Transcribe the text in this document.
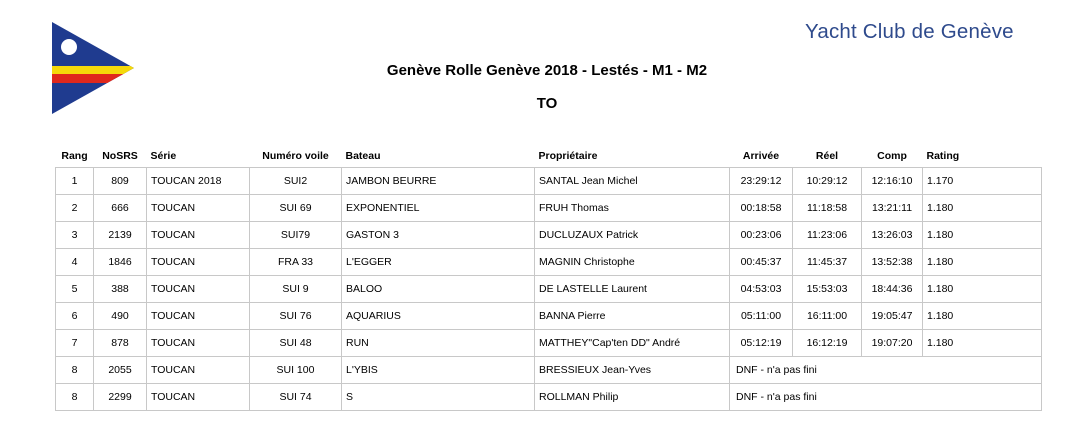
Yacht Club de Genève
Genève Rolle Genève 2018 - Lestés - M1 - M2
TO
Rang	NoSRS	Série	Numéro voile	Bateau	Propriétaire	Arrivée	Réel	Comp	Rating
1	809	TOUCAN 2018	SUI2	JAMBON BEURRE	SANTAL Jean Michel	23:29:12	10:29:12	12:16:10	1.170
2	666	TOUCAN	SUI 69	EXPONENTIEL	FRUH Thomas	00:18:58	11:18:58	13:21:11	1.180
3	2139	TOUCAN	SUI79	GASTON 3	DUCLUZAUX Patrick	00:23:06	11:23:06	13:26:03	1.180
4	1846	TOUCAN	FRA 33	L'EGGER	MAGNIN Christophe	00:45:37	11:45:37	13:52:38	1.180
5	388	TOUCAN	SUI 9	BALOO	DE LASTELLE Laurent	04:53:03	15:53:03	18:44:36	1.180
6	490	TOUCAN	SUI 76	AQUARIUS	BANNA Pierre	05:11:00	16:11:00	19:05:47	1.180
7	878	TOUCAN	SUI 48	RUN	MATTHEY"Cap'ten DD" André	05:12:19	16:12:19	19:07:20	1.180
8	2055	TOUCAN	SUI 100	L'YBIS	BRESSIEUX Jean-Yves	DNF - n'a pas fini			
8	2299	TOUCAN	SUI 74	S	ROLLMAN Philip	DNF - n'a pas fini			
